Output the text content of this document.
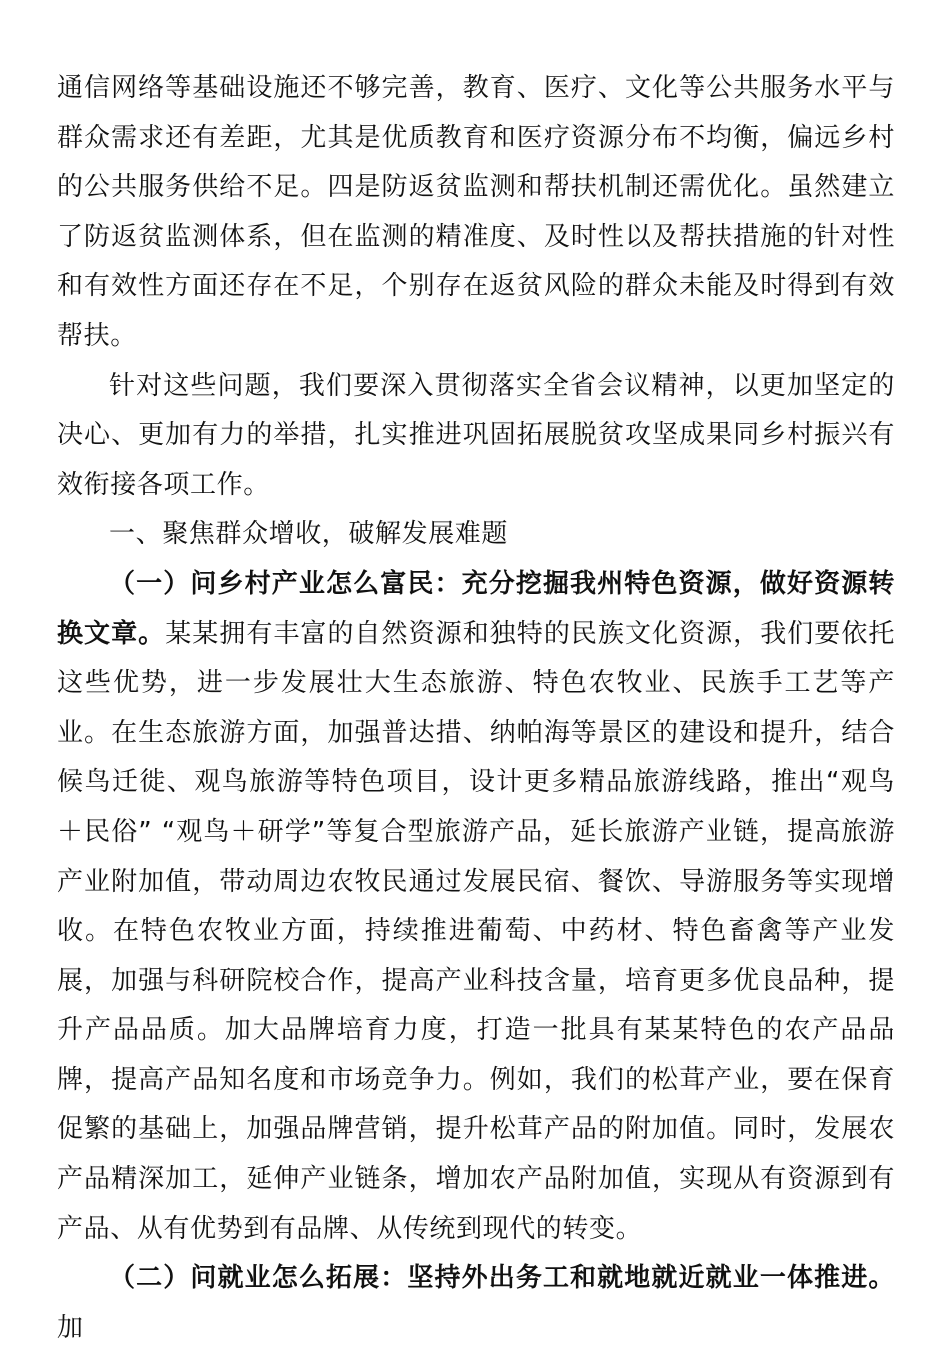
通信网络等基础设施还不够完善，教育、医疗、文化等公共服务水平与群众需求还有差距，尤其是优质教育和医疗资源分布不均衡，偏远乡村的公共服务供给不足。四是防返贫监测和帮扶机制还需优化。虽然建立了防返贫监测体系，但在监测的精准度、及时性以及帮扶措施的针对性和有效性方面还存在不足，个别存在返贫风险的群众未能及时得到有效帮扶。

针对这些问题，我们要深入贯彻落实全省会议精神，以更加坚定的决心、更加有力的举措，扎实推进巩固拓展脱贫攻坚成果同乡村振兴有效衔接各项工作。

一、聚焦群众增收，破解发展难题

（一）问乡村产业怎么富民：充分挖掘我州特色资源，做好资源转换文章。某某拥有丰富的自然资源和独特的民族文化资源，我们要依托这些优势，进一步发展壮大生态旅游、特色农牧业、民族手工艺等产业。在生态旅游方面，加强普达措、纳帕海等景区的建设和提升，结合候鸟迁徙、观鸟旅游等特色项目，设计更多精品旅游线路，推出“观鸟＋民俗” “观鸟＋研学”等复合型旅游产品，延长旅游产业链，提高旅游产业附加值，带动周边农牧民通过发展民宿、餐饮、导游服务等实现增收。在特色农牧业方面，持续推进葡萄、中药材、特色畜禽等产业发展，加强与科研院校合作，提高产业科技含量，培育更多优良品种，提升产品品质。加大品牌培育力度，打造一批具有某某特色的农产品品牌，提高产品知名度和市场竞争力。例如，我们的松茸产业，要在保育促繁的基础上，加强品牌营销，提升松茸产品的附加值。同时，发展农产品精深加工，延伸产业链条，增加农产品附加值，实现从有资源到有产品、从有优势到有品牌、从传统到现代的转变。

（二）问就业怎么拓展：坚持外出务工和就地就近就业一体推进。加
